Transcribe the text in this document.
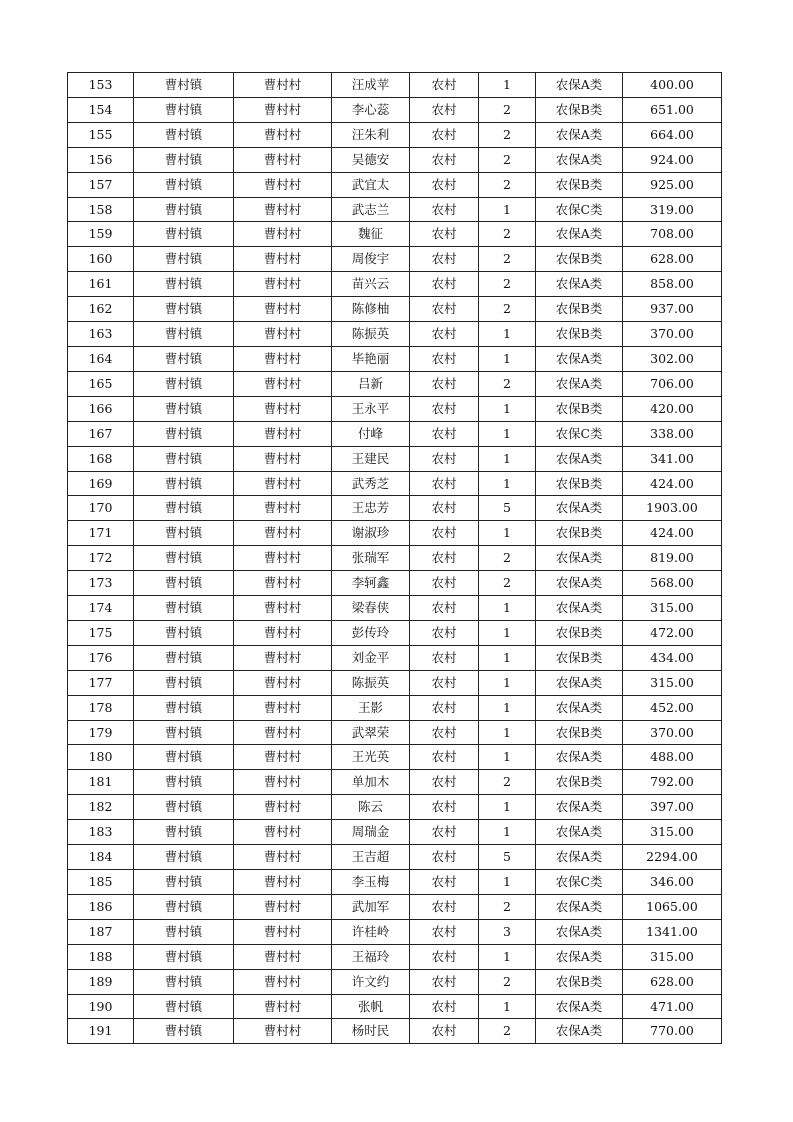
153	曹村镇	曹村村	汪成苹	农村	1	农保A类	400.00
154	曹村镇	曹村村	李心蕊	农村	2	农保B类	651.00
155	曹村镇	曹村村	汪朱利	农村	2	农保A类	664.00
156	曹村镇	曹村村	吴德安	农村	2	农保A类	924.00
157	曹村镇	曹村村	武宜太	农村	2	农保B类	925.00
158	曹村镇	曹村村	武志兰	农村	1	农保C类	319.00
159	曹村镇	曹村村	魏征	农村	2	农保A类	708.00
160	曹村镇	曹村村	周俊宇	农村	2	农保B类	628.00
161	曹村镇	曹村村	苗兴云	农村	2	农保A类	858.00
162	曹村镇	曹村村	陈修柚	农村	2	农保B类	937.00
163	曹村镇	曹村村	陈振英	农村	1	农保B类	370.00
164	曹村镇	曹村村	毕艳丽	农村	1	农保A类	302.00
165	曹村镇	曹村村	吕新	农村	2	农保A类	706.00
166	曹村镇	曹村村	王永平	农村	1	农保B类	420.00
167	曹村镇	曹村村	付峰	农村	1	农保C类	338.00
168	曹村镇	曹村村	王建民	农村	1	农保A类	341.00
169	曹村镇	曹村村	武秀芝	农村	1	农保B类	424.00
170	曹村镇	曹村村	王忠芳	农村	5	农保A类	1903.00
171	曹村镇	曹村村	谢淑珍	农村	1	农保B类	424.00
172	曹村镇	曹村村	张瑞军	农村	2	农保A类	819.00
173	曹村镇	曹村村	李轲鑫	农村	2	农保A类	568.00
174	曹村镇	曹村村	梁春侠	农村	1	农保A类	315.00
175	曹村镇	曹村村	彭传玲	农村	1	农保B类	472.00
176	曹村镇	曹村村	刘金平	农村	1	农保B类	434.00
177	曹村镇	曹村村	陈振英	农村	1	农保A类	315.00
178	曹村镇	曹村村	王影	农村	1	农保A类	452.00
179	曹村镇	曹村村	武翠荣	农村	1	农保B类	370.00
180	曹村镇	曹村村	王光英	农村	1	农保A类	488.00
181	曹村镇	曹村村	单加木	农村	2	农保B类	792.00
182	曹村镇	曹村村	陈云	农村	1	农保A类	397.00
183	曹村镇	曹村村	周瑞金	农村	1	农保A类	315.00
184	曹村镇	曹村村	王吉超	农村	5	农保A类	2294.00
185	曹村镇	曹村村	李玉梅	农村	1	农保C类	346.00
186	曹村镇	曹村村	武加军	农村	2	农保A类	1065.00
187	曹村镇	曹村村	许桂岭	农村	3	农保A类	1341.00
188	曹村镇	曹村村	王福玲	农村	1	农保A类	315.00
189	曹村镇	曹村村	许文约	农村	2	农保B类	628.00
190	曹村镇	曹村村	张帆	农村	1	农保A类	471.00
191	曹村镇	曹村村	杨时民	农村	2	农保A类	770.00
